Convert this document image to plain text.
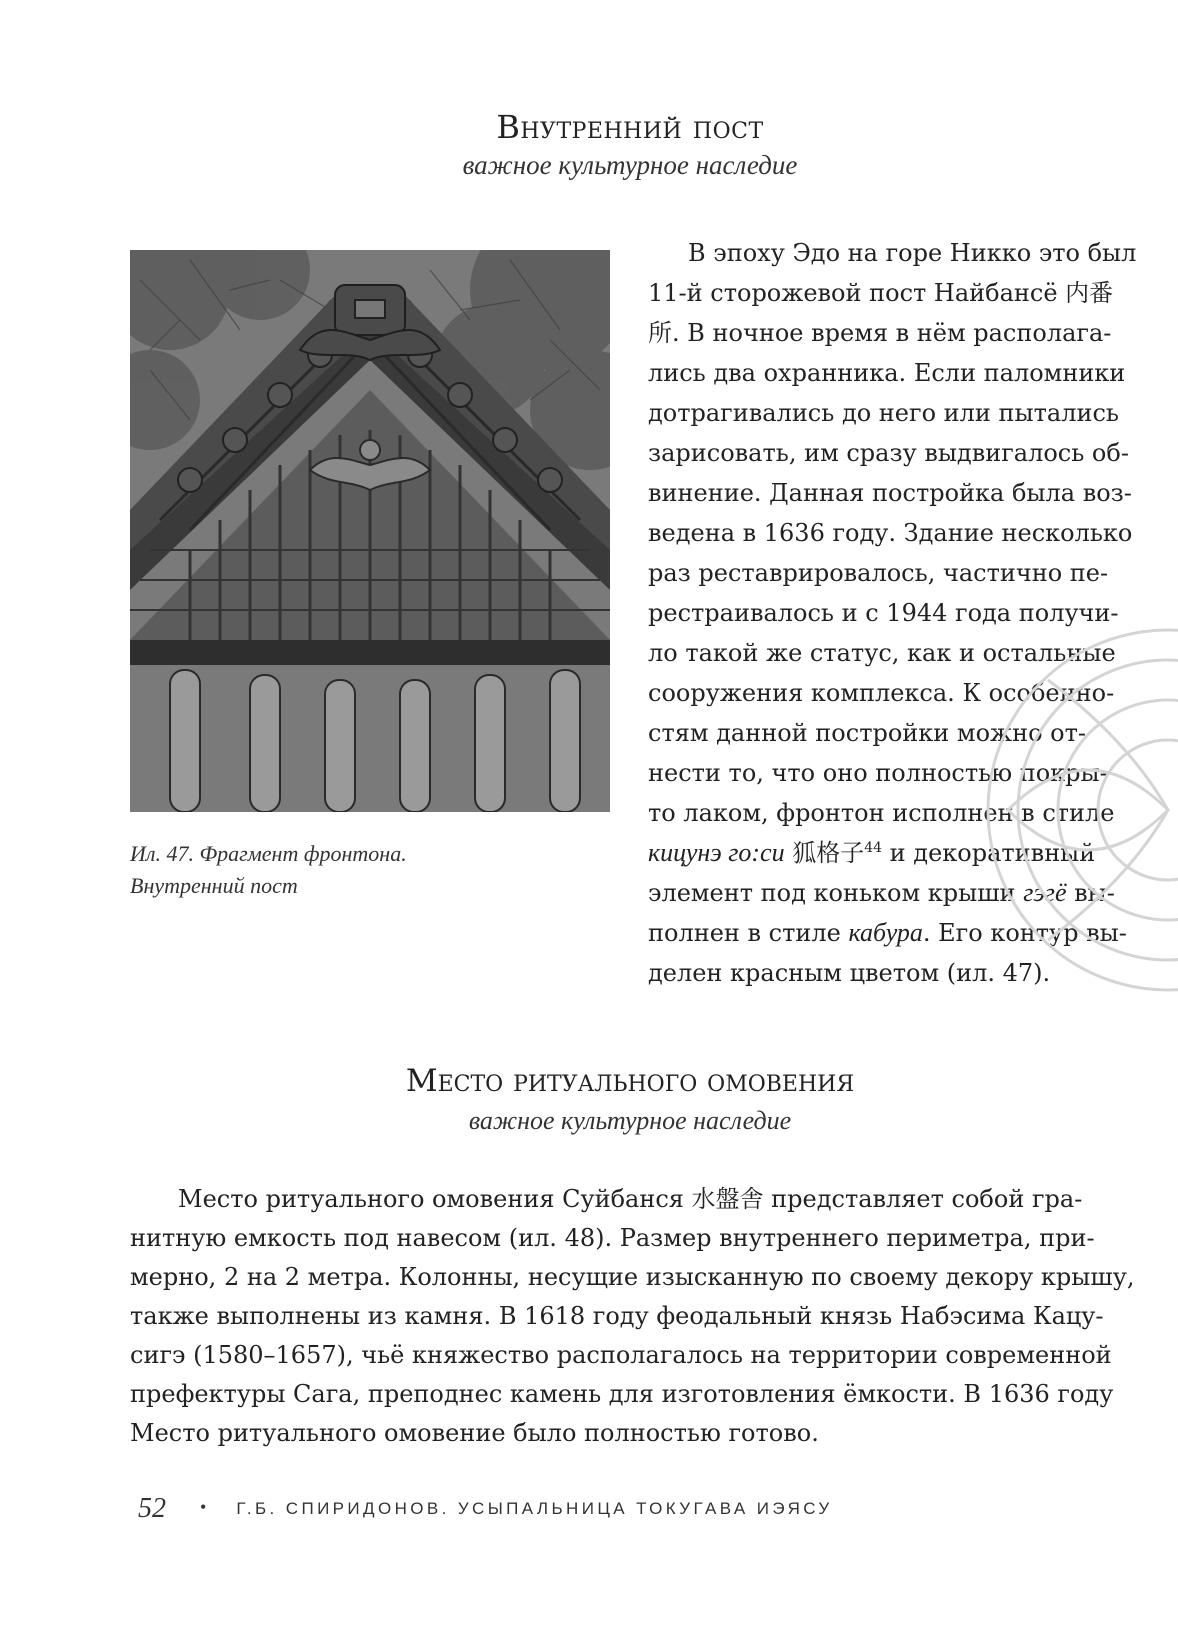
Внутренний пост
важное культурное наследие
Ил. 47. Фрагмент фронтона.
Внутренний пост
В эпоху Эдо на горе Никко это был
11-й сторожевой пост Найбансё 内番
所. В ночное время в нём располага-
лись два охранника. Если паломники
дотрагивались до него или пытались
зарисовать, им сразу выдвигалось об-
винение. Данная постройка была воз-
ведена в 1636 году. Здание несколько
раз реставрировалось, частично пе-
рестраивалось и с 1944 года получи-
ло такой же статус, как и остальные
сооружения комплекса. К особенно-
стям данной постройки можно от-
нести то, что оно полностью покры-
то лаком, фронтон исполнен в стиле
кицунэ го:си 狐格子$^{44}$ и декоративный
элемент под коньком крыши гэгё вы-
полнен в стиле кабура. Его контур вы-
делен красным цветом (ил. 47).
Место ритуального омовения
важное культурное наследие
Место ритуального омовения Суйбанся 水盤舎 представляет собой гра-
нитную емкость под навесом (ил. 48). Размер внутреннего периметра, при-
мерно, 2 на 2 метра. Колонны, несущие изысканную по своему декору крышу,
также выполнены из камня. В 1618 году феодальный князь Набэсима Кацу-
сигэ (1580–1657), чьё княжество располагалось на территории современной
префектуры Сага, преподнес камень для изготовления ёмкости. В 1636 году
Место ритуального омовение было полностью готово.
52 • Г.Б. СПИРИДОНОВ. УСЫПАЛЬНИЦА ТОКУГАВА ИЭЯСУ
